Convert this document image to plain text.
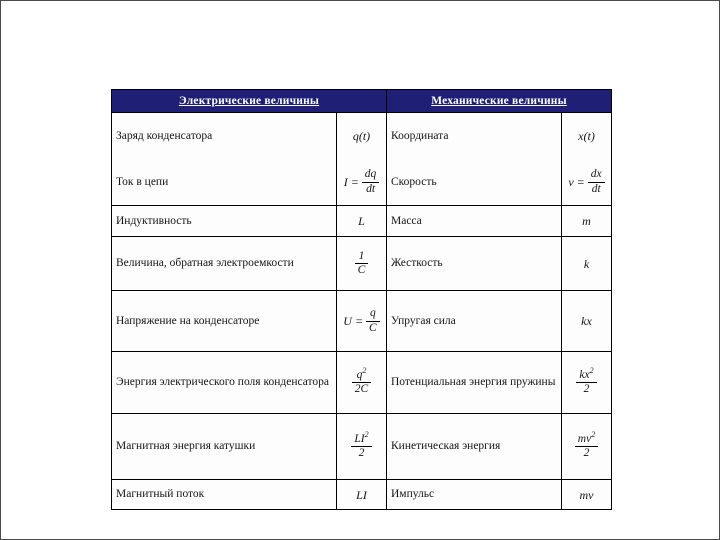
Электрические величины		Механические величины	
Заряд конденсатора	q(t)	Координата	x(t)
Ток в цепи	$I = \frac{dq}{dt}$	Скорость	$v = \frac{dx}{dt}$

Индуктивность	L	Масса	m
Величина, обратная электроемкости	$\frac{1}{C}$	Жесткость	k
Напряжение на конденсаторе	$U = \frac{q}{C}$	Упругая сила	kx
Энергия электрического поля конденсатора	$\frac{q^2}{2C}$	Потенциальная энергия пружины	$\frac{kx^2}{2}$

Магнитная энергия катушки	$\frac{LI^2}{2}$	Кинетическая энергия	$\frac{mv^2}{2}$

Магнитный поток	LI	Импульс	mv
